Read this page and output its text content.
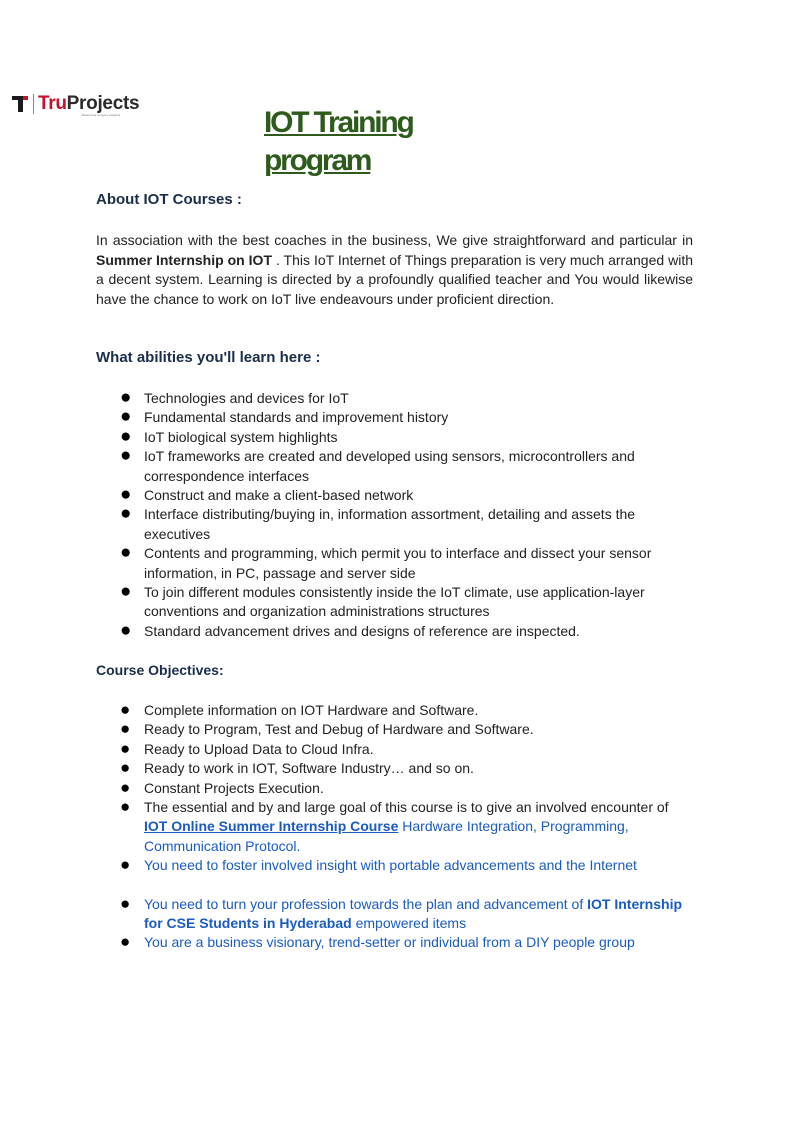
TruProjects
Real-time project experts	IOT Training
program
About IOT Courses :

In association with the best coaches in the business, We give straightforward and particular in Summer Internship on IOT . This IoT Internet of Things preparation is very much arranged with a decent system. Learning is directed by a profoundly qualified teacher and You would likewise have the chance to work on IoT live endeavours under proficient direction.

What abilities you'll learn here :
● Technologies and devices for IoT
● Fundamental standards and improvement history
● IoT biological system highlights
● IoT frameworks are created and developed using sensors, microcontrollers and correspondence interfaces
● Construct and make a client-based network
● Interface distributing/buying in, information assortment, detailing and assets the executives
● Contents and programming, which permit you to interface and dissect your sensor information, in PC, passage and server side
● To join different modules consistently inside the IoT climate, use application-layer conventions and organization administrations structures
● Standard advancement drives and designs of reference are inspected.
Course Objectives:
● Complete information on IOT Hardware and Software.
● Ready to Program, Test and Debug of Hardware and Software.
● Ready to Upload Data to Cloud Infra.
● Ready to work in IOT, Software Industry… and so on.
● Constant Projects Execution.
● The essential and by and large goal of this course is to give an involved encounter of
IOT Online Summer Internship Course Hardware Integration, Programming, Communication Protocol.
● You need to foster involved insight with portable advancements and the Internet
● You need to turn your profession towards the plan and advancement of IOT Internship for CSE Students in Hyderabad empowered items
● You are a business visionary, trend-setter or individual from a DIY people group
